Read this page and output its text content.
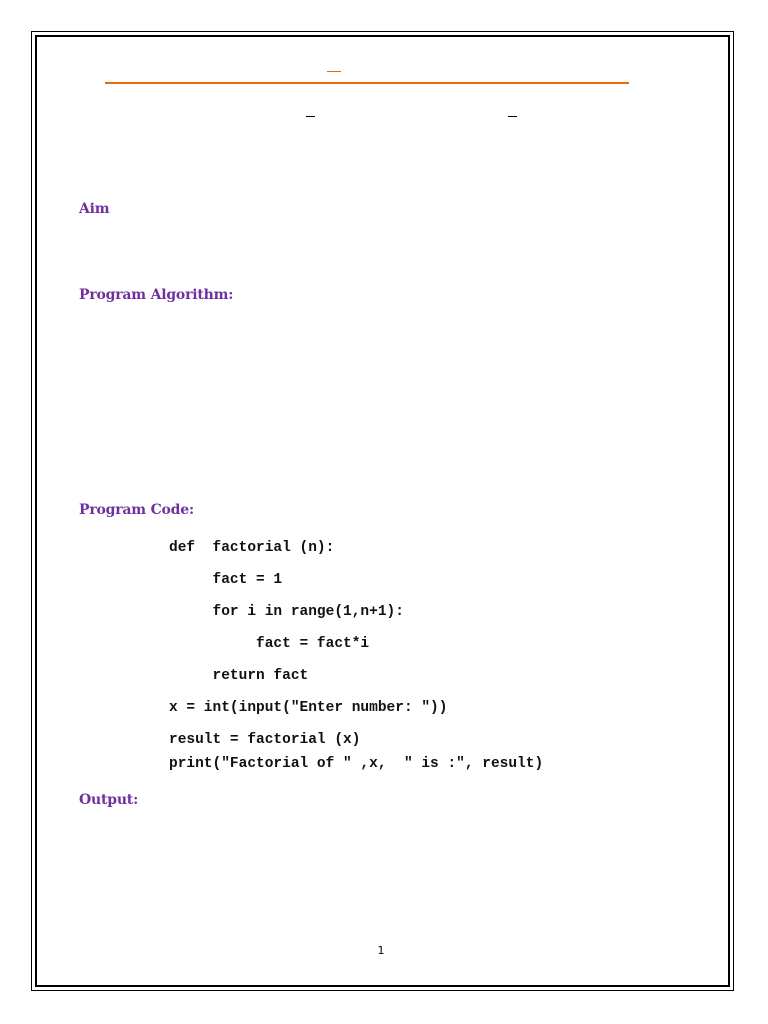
Aim
Program Algorithm:
Program Code:
def  factorial (n):
fact = 1
for i in range(1,n+1):
fact = fact*i
return fact
x = int(input("Enter number: "))
result = factorial (x)
print("Factorial of " ,x,  " is :", result)
Output:
1
